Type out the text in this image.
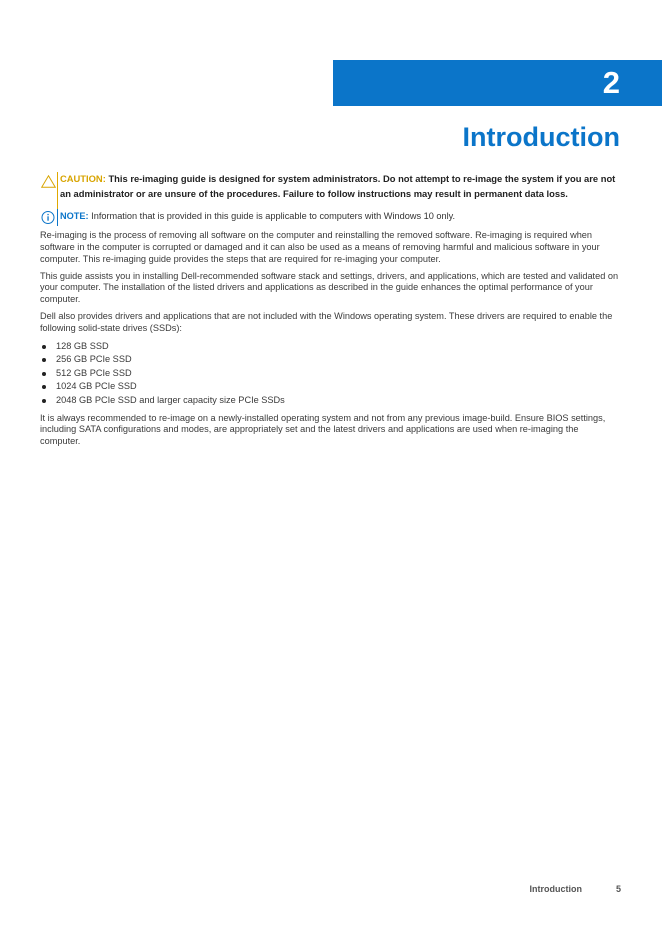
2
Introduction

CAUTION: This re-imaging guide is designed for system administrators. Do not attempt to re-image the system if you are not an administrator or are unsure of the procedures. Failure to follow instructions may result in permanent data loss.

NOTE: Information that is provided in this guide is applicable to computers with Windows 10 only.

Re-imaging is the process of removing all software on the computer and reinstalling the removed software. Re-imaging is required when software in the computer is corrupted or damaged and it can also be used as a means of removing harmful and malicious software in your computer. This re-imaging guide provides the steps that are required for re-imaging your computer.

This guide assists you in installing Dell-recommended software stack and settings, drivers, and applications, which are tested and validated on your computer. The installation of the listed drivers and applications as described in the guide enhances the optimal performance of your computer.

Dell also provides drivers and applications that are not included with the Windows operating system. These drivers are required to enable the following solid-state drives (SSDs):

128 GB SSD
256 GB PCIe SSD
512 GB PCIe SSD
1024 GB PCIe SSD
2048 GB PCIe SSD and larger capacity size PCIe SSDs

It is always recommended to re-image on a newly-installed operating system and not from any previous image-build. Ensure BIOS settings, including SATA configurations and modes, are appropriately set and the latest drivers and applications are used when re-imaging the computer.

Introduction	5
